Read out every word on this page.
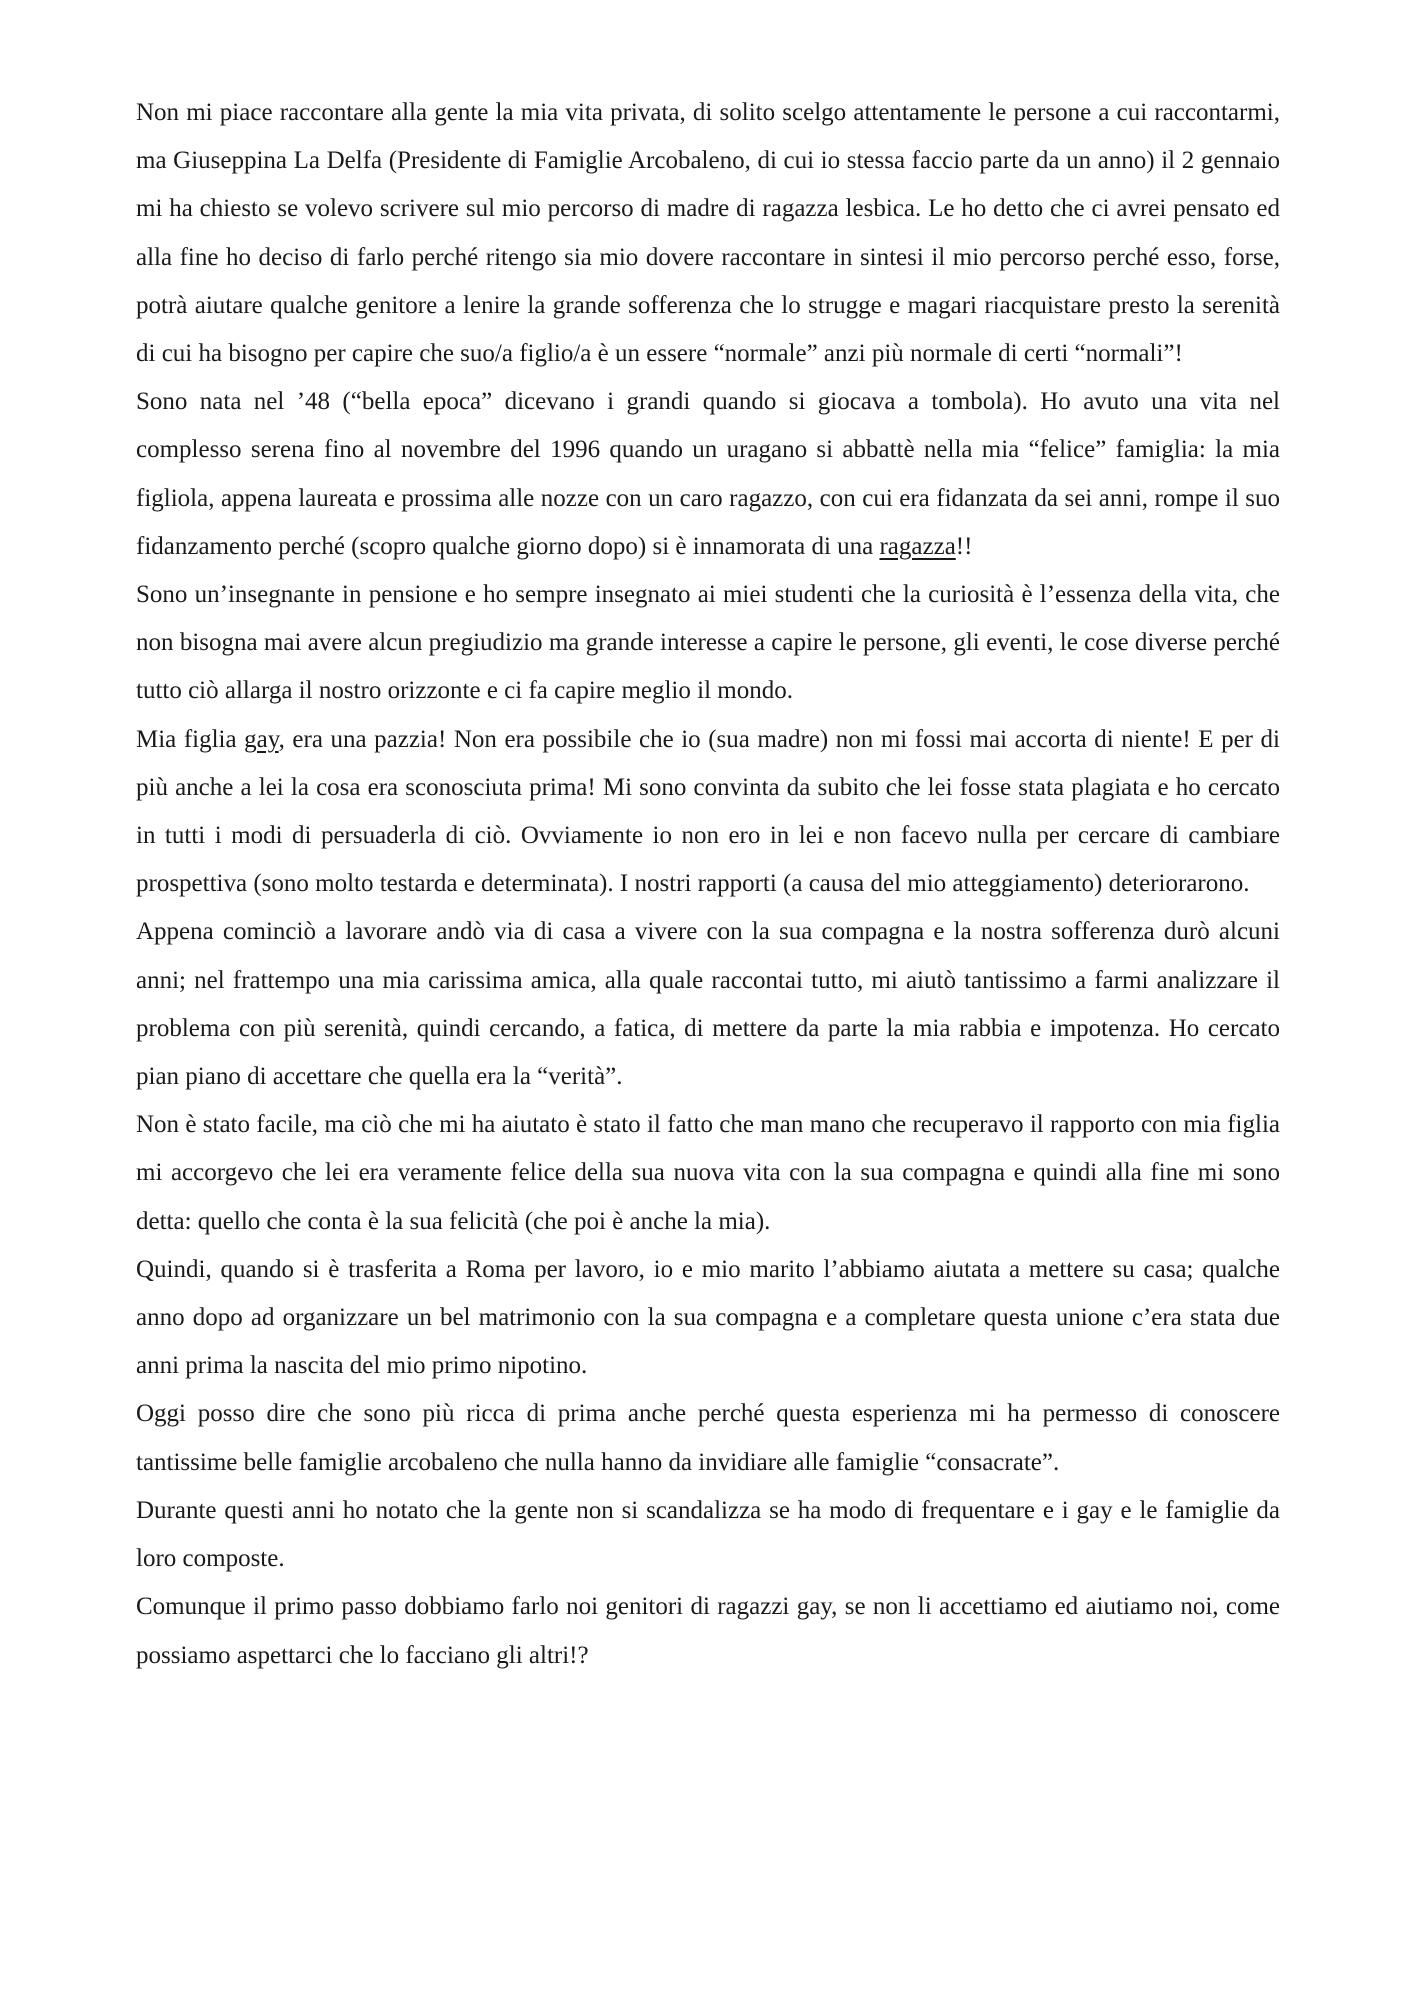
Non mi piace raccontare alla gente la mia vita privata, di solito scelgo attentamente le persone a cui raccontarmi, ma Giuseppina La Delfa (Presidente di Famiglie Arcobaleno, di cui io stessa faccio parte da un anno) il 2 gennaio mi ha chiesto se volevo scrivere sul mio percorso di madre di ragazza lesbica. Le ho detto che ci avrei pensato ed alla fine ho deciso di farlo perché ritengo sia mio dovere raccontare in sintesi il mio percorso perché esso, forse, potrà aiutare qualche genitore a lenire la grande sofferenza che lo strugge e magari riacquistare presto la serenità di cui ha bisogno per capire che suo/a figlio/a è un essere “normale” anzi più normale di certi “normali”!

Sono nata nel ’48 (“bella epoca” dicevano i grandi quando si giocava a tombola). Ho avuto una vita nel complesso serena fino al novembre del 1996 quando un uragano si abbattè nella mia “felice” famiglia: la mia figliola, appena laureata e prossima alle nozze con un caro ragazzo, con cui era fidanzata da sei anni, rompe il suo fidanzamento perché (scopro qualche giorno dopo) si è innamorata di una ragazza!!

Sono un’insegnante in pensione e ho sempre insegnato ai miei studenti che la curiosità è l’essenza della vita, che non bisogna mai avere alcun pregiudizio ma grande interesse a capire le persone, gli eventi, le cose diverse perché tutto ciò allarga il nostro orizzonte e ci fa capire meglio il mondo.

Mia figlia gay, era una pazzia! Non era possibile che io (sua madre) non mi fossi mai accorta di niente! E per di più anche a lei la cosa era sconosciuta prima! Mi sono convinta da subito che lei fosse stata plagiata e ho cercato in tutti i modi di persuaderla di ciò. Ovviamente io non ero in lei e non facevo nulla per cercare di cambiare prospettiva (sono molto testarda e determinata). I nostri rapporti (a causa del mio atteggiamento) deteriorarono.

Appena cominciò a lavorare andò via di casa a vivere con la sua compagna e la nostra sofferenza durò alcuni anni; nel frattempo una mia carissima amica, alla quale raccontai tutto, mi aiutò tantissimo a farmi analizzare il problema con più serenità, quindi cercando, a fatica, di mettere da parte la mia rabbia e impotenza. Ho cercato pian piano di accettare che quella era la “verità”.

Non è stato facile, ma ciò che mi ha aiutato è stato il fatto che man mano che recuperavo il rapporto con mia figlia mi accorgevo che lei era veramente felice della sua nuova vita con la sua compagna e quindi alla fine mi sono detta: quello che conta è la sua felicità (che poi è anche la mia).

Quindi, quando si è trasferita a Roma per lavoro, io e mio marito l’abbiamo aiutata a mettere su casa; qualche anno dopo ad organizzare un bel matrimonio con la sua compagna e a completare questa unione c’era stata due anni prima la nascita del mio primo nipotino.

Oggi posso dire che sono più ricca di prima anche perché questa esperienza mi ha permesso di conoscere tantissime belle famiglie arcobaleno che nulla hanno da invidiare alle famiglie “consacrate”.

Durante questi anni ho notato che la gente non si scandalizza se ha modo di frequentare e i gay e le famiglie da loro composte.

Comunque il primo passo dobbiamo farlo noi genitori di ragazzi gay, se non li accettiamo ed aiutiamo noi, come possiamo aspettarci che lo facciano gli altri!?
